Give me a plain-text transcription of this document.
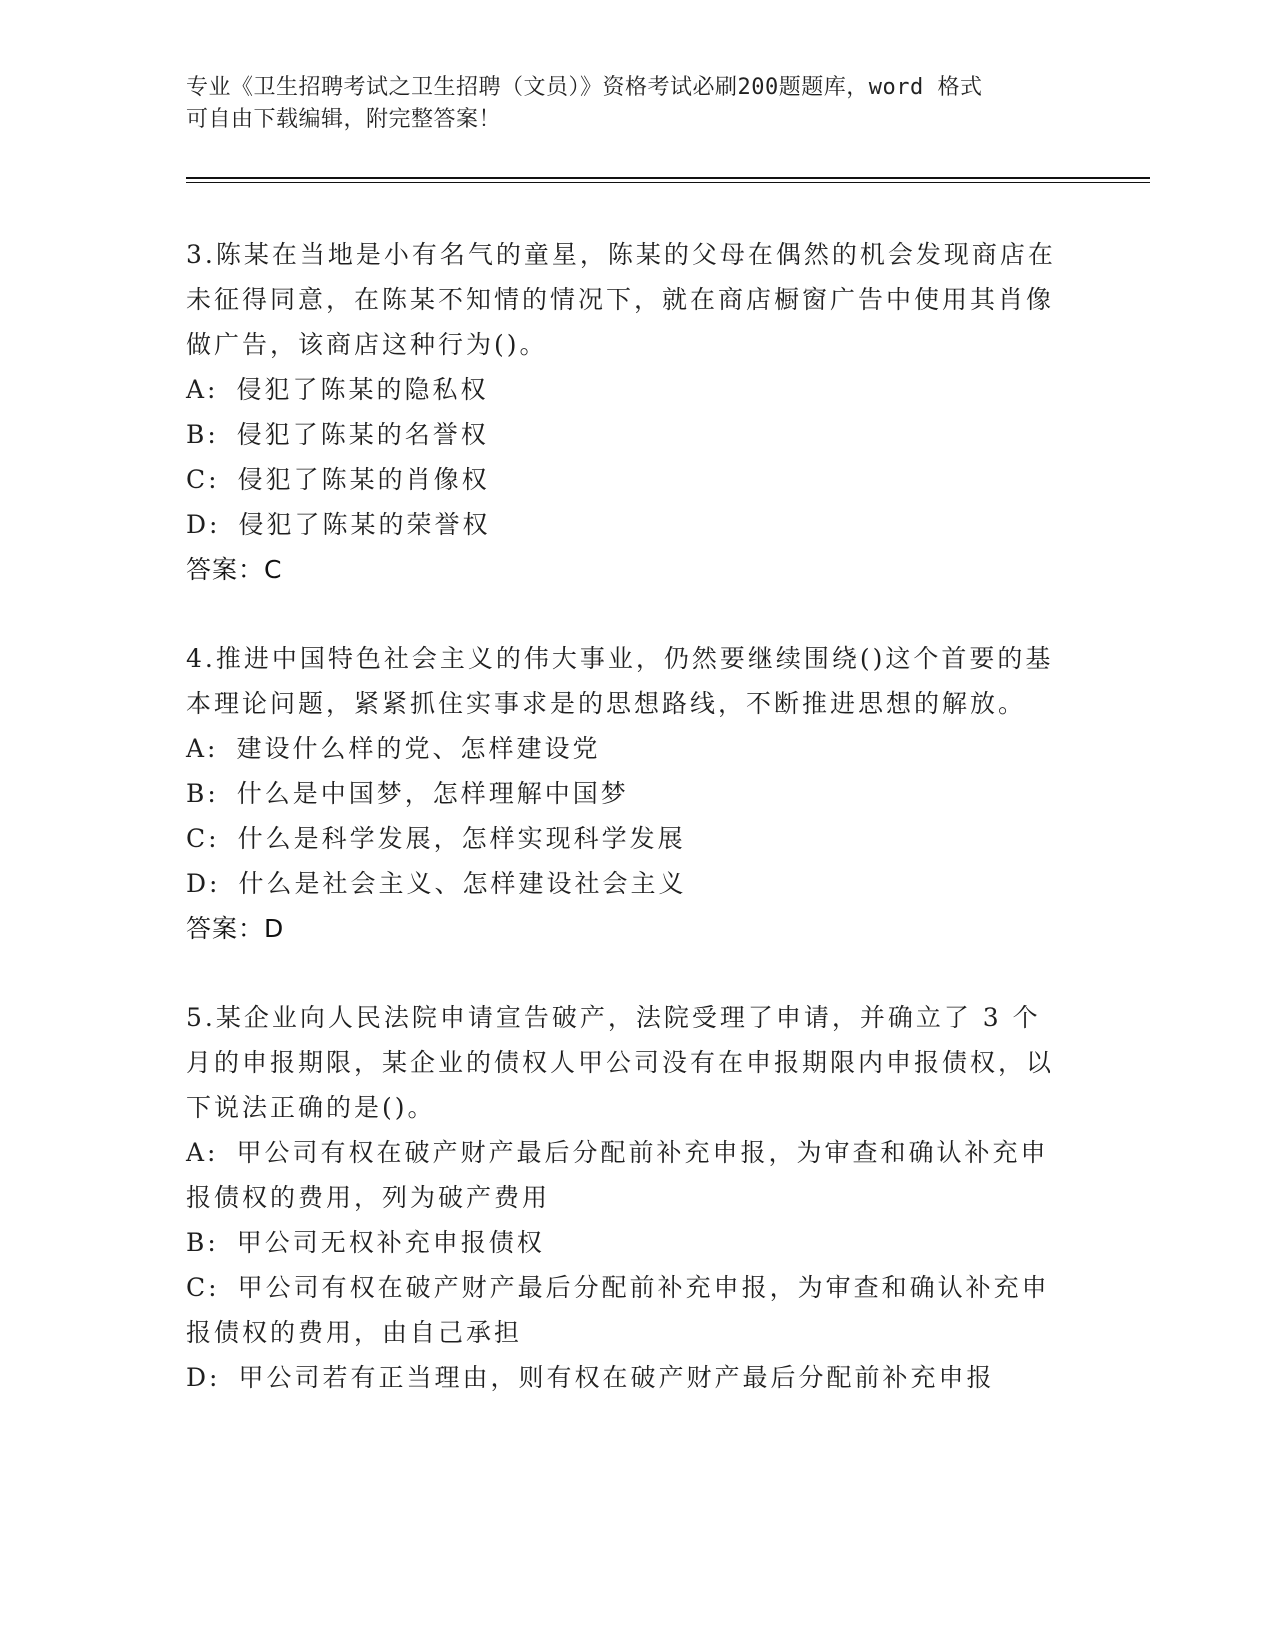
专业《卫生招聘考试之卫生招聘（文员）》资格考试必刷200题题库，word 格式
可自由下载编辑，附完整答案！
3.陈某在当地是小有名气的童星，陈某的父母在偶然的机会发现商店在未征得同意，在陈某不知情的情况下，就在商店橱窗广告中使用其肖像做广告，该商店这种行为()。
A: 侵犯了陈某的隐私权
B: 侵犯了陈某的名誉权
C: 侵犯了陈某的肖像权
D: 侵犯了陈某的荣誉权
答案：C
4.推进中国特色社会主义的伟大事业，仍然要继续围绕()这个首要的基本理论问题，紧紧抓住实事求是的思想路线，不断推进思想的解放。
A: 建设什么样的党、怎样建设党
B: 什么是中国梦，怎样理解中国梦
C: 什么是科学发展，怎样实现科学发展
D: 什么是社会主义、怎样建设社会主义
答案：D
5.某企业向人民法院申请宣告破产，法院受理了申请，并确立了 3 个月的申报期限，某企业的债权人甲公司没有在申报期限内申报债权，以下说法正确的是()。
A: 甲公司有权在破产财产最后分配前补充申报，为审查和确认补充申报债权的费用，列为破产费用
B: 甲公司无权补充申报债权
C: 甲公司有权在破产财产最后分配前补充申报，为审查和确认补充申报债权的费用，由自己承担
D: 甲公司若有正当理由，则有权在破产财产最后分配前补充申报
